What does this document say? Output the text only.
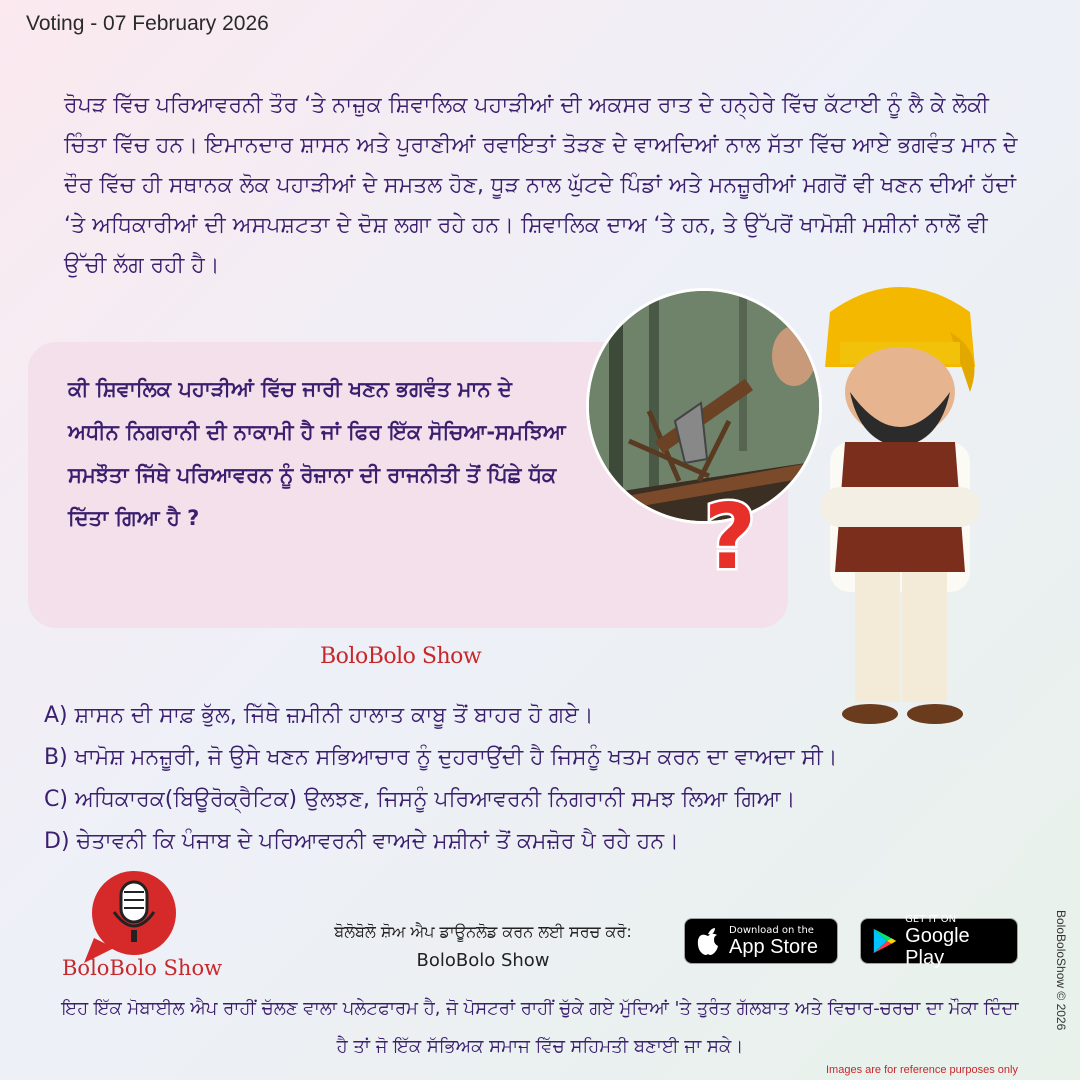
Voting - 07 February 2026
ਰੋਪੜ ਵਿੱਚ ਪਰਿਆਵਰਨੀ ਤੌਰ ‘ਤੇ ਨਾਜ਼ੁਕ ਸ਼ਿਵਾਲਿਕ ਪਹਾੜੀਆਂ ਦੀ ਅਕਸਰ ਰਾਤ ਦੇ ਹਨ੍ਹੇਰੇ ਵਿੱਚ ਕੱਟਾਈ ਨੂੰ ਲੈ ਕੇ ਲੋਕੀ ਚਿੰਤਾ ਵਿੱਚ ਹਨ। ਇਮਾਨਦਾਰ ਸ਼ਾਸਨ ਅਤੇ ਪੁਰਾਣੀਆਂ ਰਵਾਇਤਾਂ ਤੋੜਣ ਦੇ ਵਾਅਦਿਆਂ ਨਾਲ ਸੱਤਾ ਵਿੱਚ ਆਏ ਭਗਵੰਤ ਮਾਨ ਦੇ ਦੌਰ ਵਿੱਚ ਹੀ ਸਥਾਨਕ ਲੋਕ ਪਹਾੜੀਆਂ ਦੇ ਸਮਤਲ ਹੋਣ, ਧੂੜ ਨਾਲ ਘੁੱਟਦੇ ਪਿੰਡਾਂ ਅਤੇ ਮਨਜ਼ੂਰੀਆਂ ਮਗਰੋਂ ਵੀ ਖਣਨ ਦੀਆਂ ਹੱਦਾਂ ‘ਤੇ ਅਧਿਕਾਰੀਆਂ ਦੀ ਅਸਪਸ਼ਟਤਾ ਦੇ ਦੋਸ਼ ਲਗਾ ਰਹੇ ਹਨ। ਸ਼ਿਵਾਲਿਕ ਦਾਅ ‘ਤੇ ਹਨ, ਤੇ ਉੱਪਰੋਂ ਖਾਮੋਸ਼ੀ ਮਸ਼ੀਨਾਂ ਨਾਲੋਂ ਵੀ ਉੱਚੀ ਲੱਗ ਰਹੀ ਹੈ।
ਕੀ ਸ਼ਿਵਾਲਿਕ ਪਹਾੜੀਆਂ ਵਿੱਚ ਜਾਰੀ ਖਣਨ ਭਗਵੰਤ ਮਾਨ ਦੇ ਅਧੀਨ ਨਿਗਰਾਨੀ ਦੀ ਨਾਕਾਮੀ ਹੈ ਜਾਂ ਫਿਰ ਇੱਕ ਸੋਚਿਆ-ਸਮਝਿਆ ਸਮਝੌਤਾ ਜਿੱਥੇ ਪਰਿਆਵਰਨ ਨੂੰ ਰੋਜ਼ਾਨਾ ਦੀ ਰਾਜਨੀਤੀ ਤੋਂ ਪਿੱਛੇ ਧੱਕ ਦਿੱਤਾ ਗਿਆ ਹੈ ?	?
BoloBolo Show
A) ਸ਼ਾਸਨ ਦੀ ਸਾਫ਼ ਭੁੱਲ, ਜਿੱਥੇ ਜ਼ਮੀਨੀ ਹਾਲਾਤ ਕਾਬੂ ਤੋਂ ਬਾਹਰ ਹੋ ਗਏ।
B) ਖਾਮੋਸ਼ ਮਨਜ਼ੂਰੀ, ਜੋ ਉਸੇ ਖਣਨ ਸਭਿਆਚਾਰ ਨੂੰ ਦੁਹਰਾਉਂਦੀ ਹੈ ਜਿਸਨੂੰ ਖਤਮ ਕਰਨ ਦਾ ਵਾਅਦਾ ਸੀ।
C) ਅਧਿਕਾਰਕ(ਬਿਊਰੋਕ੍ਰੈਟਿਕ) ਉਲਝਣ, ਜਿਸਨੂੰ ਪਰਿਆਵਰਨੀ ਨਿਗਰਾਨੀ ਸਮਝ ਲਿਆ ਗਿਆ।
D) ਚੇਤਾਵਨੀ ਕਿ ਪੰਜਾਬ ਦੇ ਪਰਿਆਵਰਨੀ ਵਾਅਦੇ ਮਸ਼ੀਨਾਂ ਤੋਂ ਕਮਜ਼ੋਰ ਪੈ ਰਹੇ ਹਨ।
BoloBolo Show
ਬੋਲੋਬੋਲੋ ਸ਼ੋਅ ਐਪ ਡਾਊਨਲੋਡ ਕਰਨ ਲਈ ਸਰਚ ਕਰੋ:
BoloBolo Show
Download on the
App Store
GET IT ON
Google Play
ਇਹ ਇੱਕ ਮੋਬਾਈਲ ਐਪ ਰਾਹੀਂ ਚੱਲਣ ਵਾਲਾ ਪਲੇਟਫਾਰਮ ਹੈ, ਜੋ ਪੋਸਟਰਾਂ ਰਾਹੀਂ ਚੁੱਕੇ ਗਏ ਮੁੱਦਿਆਂ 'ਤੇ ਤੁਰੰਤ ਗੱਲਬਾਤ ਅਤੇ ਵਿਚਾਰ-ਚਰਚਾ ਦਾ ਮੌਕਾ ਦਿੰਦਾ ਹੈ ਤਾਂ ਜੋ ਇੱਕ ਸੱਭਿਅਕ ਸਮਾਜ ਵਿੱਚ ਸਹਿਮਤੀ ਬਣਾਈ ਜਾ ਸਕੇ।
BoloBoloShow © 2026
Images are for reference purposes only
